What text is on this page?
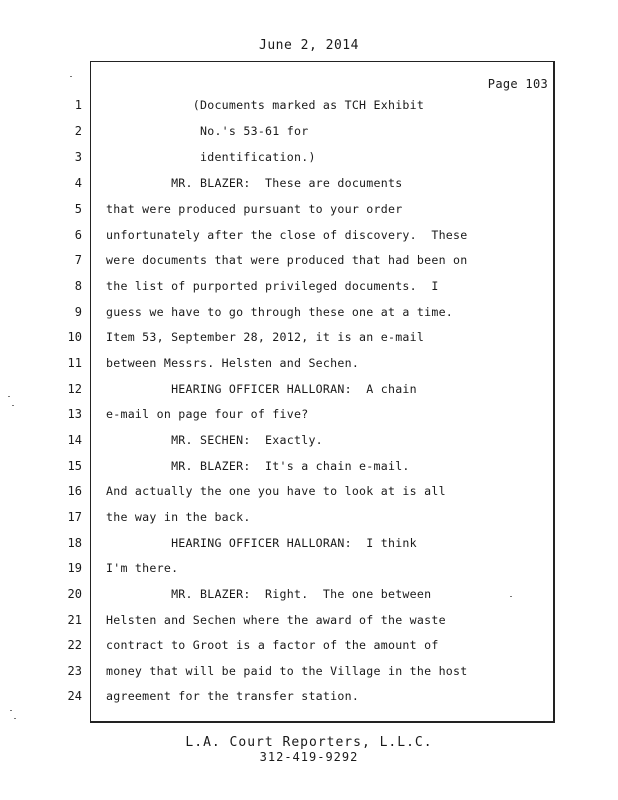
June 2, 2014
Page 103
1 (Documents marked as TCH Exhibit
2 No.'s 53-61 for
3 identification.)
4 MR. BLAZER:  These are documents
5 that were produced pursuant to your order
6 unfortunately after the close of discovery.  These
7 were documents that were produced that had been on
8 the list of purported privileged documents.  I
9 guess we have to go through these one at a time.
10 Item 53, September 28, 2012, it is an e-mail
11 between Messrs. Helsten and Sechen.
12 HEARING OFFICER HALLORAN:  A chain
13 e-mail on page four of five?
14 MR. SECHEN:  Exactly.
15 MR. BLAZER:  It's a chain e-mail.
16 And actually the one you have to look at is all
17 the way in the back.
18 HEARING OFFICER HALLORAN:  I think
19 I'm there.
20 MR. BLAZER:  Right.  The one between
21 Helsten and Sechen where the award of the waste
22 contract to Groot is a factor of the amount of
23 money that will be paid to the Village in the host
24 agreement for the transfer station.
L.A. Court Reporters, L.L.C.
312-419-9292
